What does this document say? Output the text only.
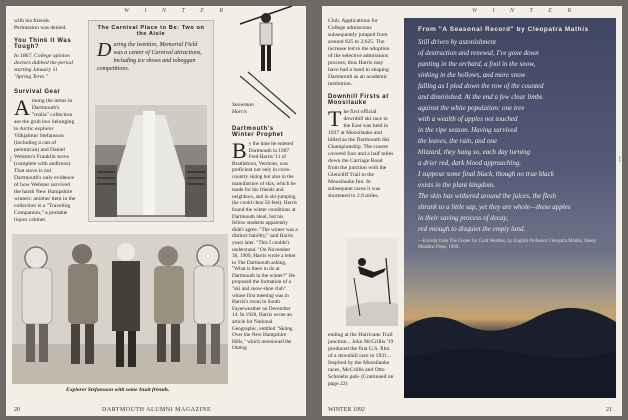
W I N T E R
with his friends. Permission was denied.
You Think It Was Tough?
In 1867, College opinion doctors dubbed the period starting January 11 "Spring Term."
Survival Gear
Among the items in Dartmouth's "realia" collection are the grub box belonging to Arctic explorer Vilhjalmur Stefansson (including a can of pemmican) and Daniel Webster's Franklin stove (complete with andirons). That stove is not Dartmouth's only evidence of how Webster survived the harsh New Hampshire winters: another item in the collection is a "Traveling Companion," a portable liquor cabinet.
The Carnival Place to Be: Two on the Aisle
During the twenties, Memorial Field was a center of Carnival attractions, including ice shows and toboggan competitions.
Snowman Harris
Dartmouth's Winter Prophet
By the time he entered Dartmouth in 1907 Fred Harris '11 of Brattleboro, Vermont, was proficient not only in cross-country skiing but also in the manufacture of skis, which he made for his friends and neighbors, and in ski-jumping (he could clear 50 feet). Harris found the winter conditions at Dartmouth ideal, but his fellow students apparently didn't agree. "The winter was a distinct liability," said Harris years later. "This I couldn't understand." On November 30, 1909, Harris wrote a letter to The Dartmouth asking, "What is there to do at Dartmouth in the winter?" He proposed the formation of a "ski and snow-shoe club" whose first meeting was in Harris's room in South Fayerweather on December 14. In 1920, Harris wrote an article for National Geographic, entitled "Skiing Over the New Hampshire Hills," which mentioned the Outing
Explorer Stefansson with some Inuit friends.
•••
20	DARTMOUTH ALUMNI MAGAZINE
W I N T E R
Club. Applications for College admissions subsequently jumped from around 825 to 2,625. The increase led to the adoption of the selective admissions process; thus Harris may have had a hand in shaping Dartmouth as an academic institution.
Downhill Firsts at Moosilauke
The first official downhill ski race in the East was held in 1927 at Moosilauke and billed as the Dartmouth Ski Championship. The course covered four and a half miles down the Carriage Road from the junction with the Glencliff Trail to the Moosilauke Inn. In subsequent races it was shortened to 2.8 miles,
ending at the Hurricane Trail junction... John McCrillis '19 produced the first U.S. film of a downhill race in 1931... Inspired by the Moosilauke races, McCrillis and Otto Schniebs pub- (Continued on page 22)
From "A Seasonal Record" by Cleopatra Mathis
Still driven by astonishment
of destruction and renewal, I've gone down
panting in the orchard, a fool in the snow,
sinking in the hollows, and more snow
falling as I plod down the row of the counted
and diminished. At the end a few clear limbs
against the white population: one tree
with a wealth of apples not touched
in the ripe season. Having survived
the leaves, the rain, and one
blizzard, they hang so, each day turning
a drier red, dark blood approaching.
I suppose some final black, though no true black
exists in the plant kingdom.
The skin has withered around the juices, the flesh
shrunk to a little sap, yet they are whole—these apples
in their saving process of decay,
red enough to disquiet the empty land.
—Excerpt from The Center for Cold Weather, by English Professor Cleopatra Mathis, Sheep Meadow Press, 1989.
•••
WINTER 1992	21
